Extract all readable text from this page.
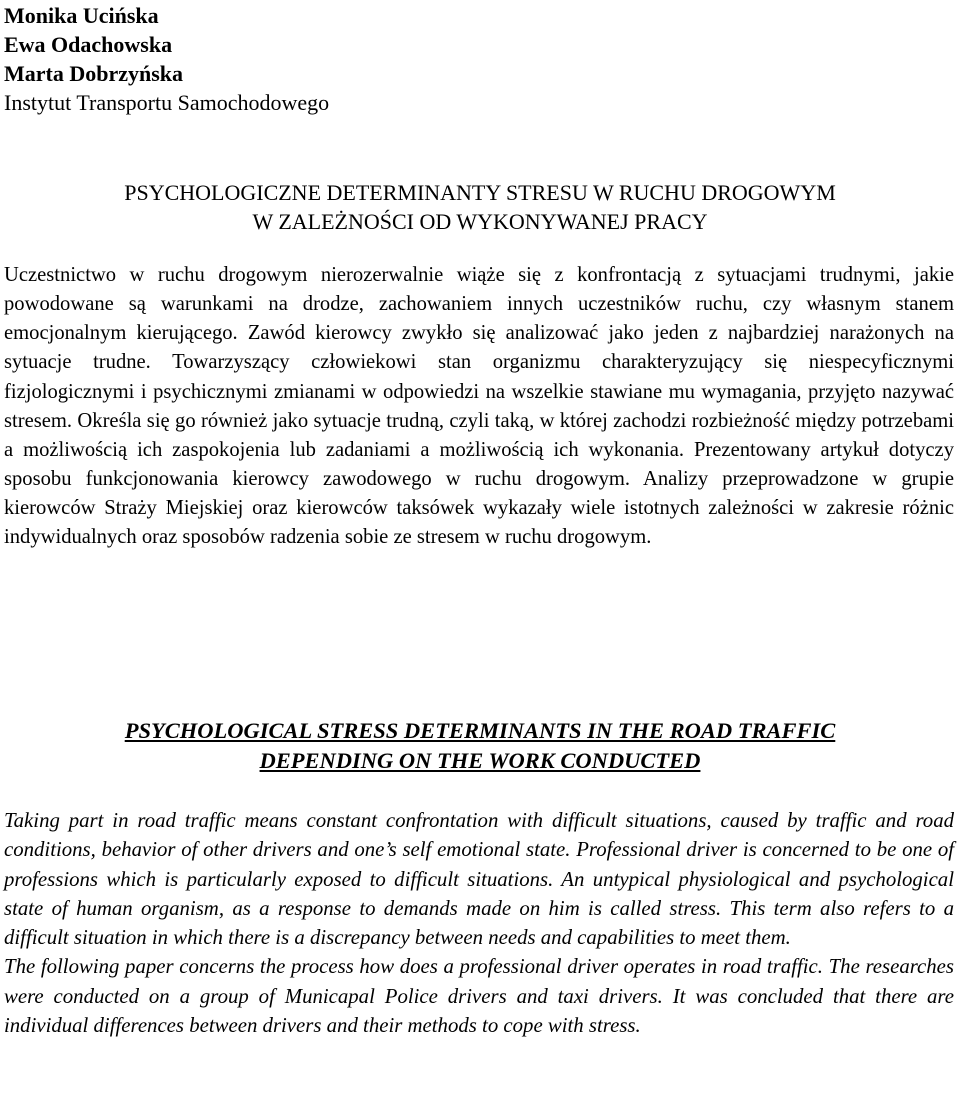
Monika Ucińska
Ewa Odachowska
Marta Dobrzyńska
Instytut Transportu Samochodowego
PSYCHOLOGICZNE DETERMINANTY STRESU W RUCHU DROGOWYM
W ZALEŻNOŚCI OD WYKONYWANEJ PRACY
Uczestnictwo w ruchu drogowym nierozerwalnie wiąże się z konfrontacją z sytuacjami trudnymi, jakie powodowane są warunkami na drodze, zachowaniem innych uczestników ruchu, czy własnym stanem emocjonalnym kierującego. Zawód kierowcy zwykło się analizować jako jeden z najbardziej narażonych na sytuacje trudne. Towarzyszący człowiekowi stan organizmu charakteryzujący się niespecyficznymi fizjologicznymi i psychicznymi zmianami w odpowiedzi na wszelkie stawiane mu wymagania, przyjęto nazywać stresem. Określa się go również jako sytuacje trudną, czyli taką, w której zachodzi rozbieżność między potrzebami a możliwością ich zaspokojenia lub zadaniami a możliwością ich wykonania. Prezentowany artykuł dotyczy sposobu funkcjonowania kierowcy zawodowego w ruchu drogowym. Analizy przeprowadzone w grupie kierowców Straży Miejskiej oraz kierowców taksówek wykazały wiele istotnych zależności w zakresie różnic indywidualnych oraz sposobów radzenia sobie ze stresem w ruchu drogowym.
PSYCHOLOGICAL STRESS DETERMINANTS IN THE ROAD TRAFFIC
DEPENDING ON THE WORK CONDUCTED

Taking part in road traffic means constant confrontation with difficult situations, caused by traffic and road conditions, behavior of other drivers and one’s self emotional state. Professional driver is concerned to be one of professions which is particularly exposed to difficult situations. An untypical physiological and psychological state of human organism, as a response to demands made on him is called stress. This term also refers to a difficult situation in which there is a discrepancy between needs and capabilities to meet them.

The following paper concerns the process how does a professional driver operates in road traffic. The researches were conducted on a group of Municapal Police drivers and taxi drivers. It was concluded that there are individual differences between drivers and their methods to cope with stress.
